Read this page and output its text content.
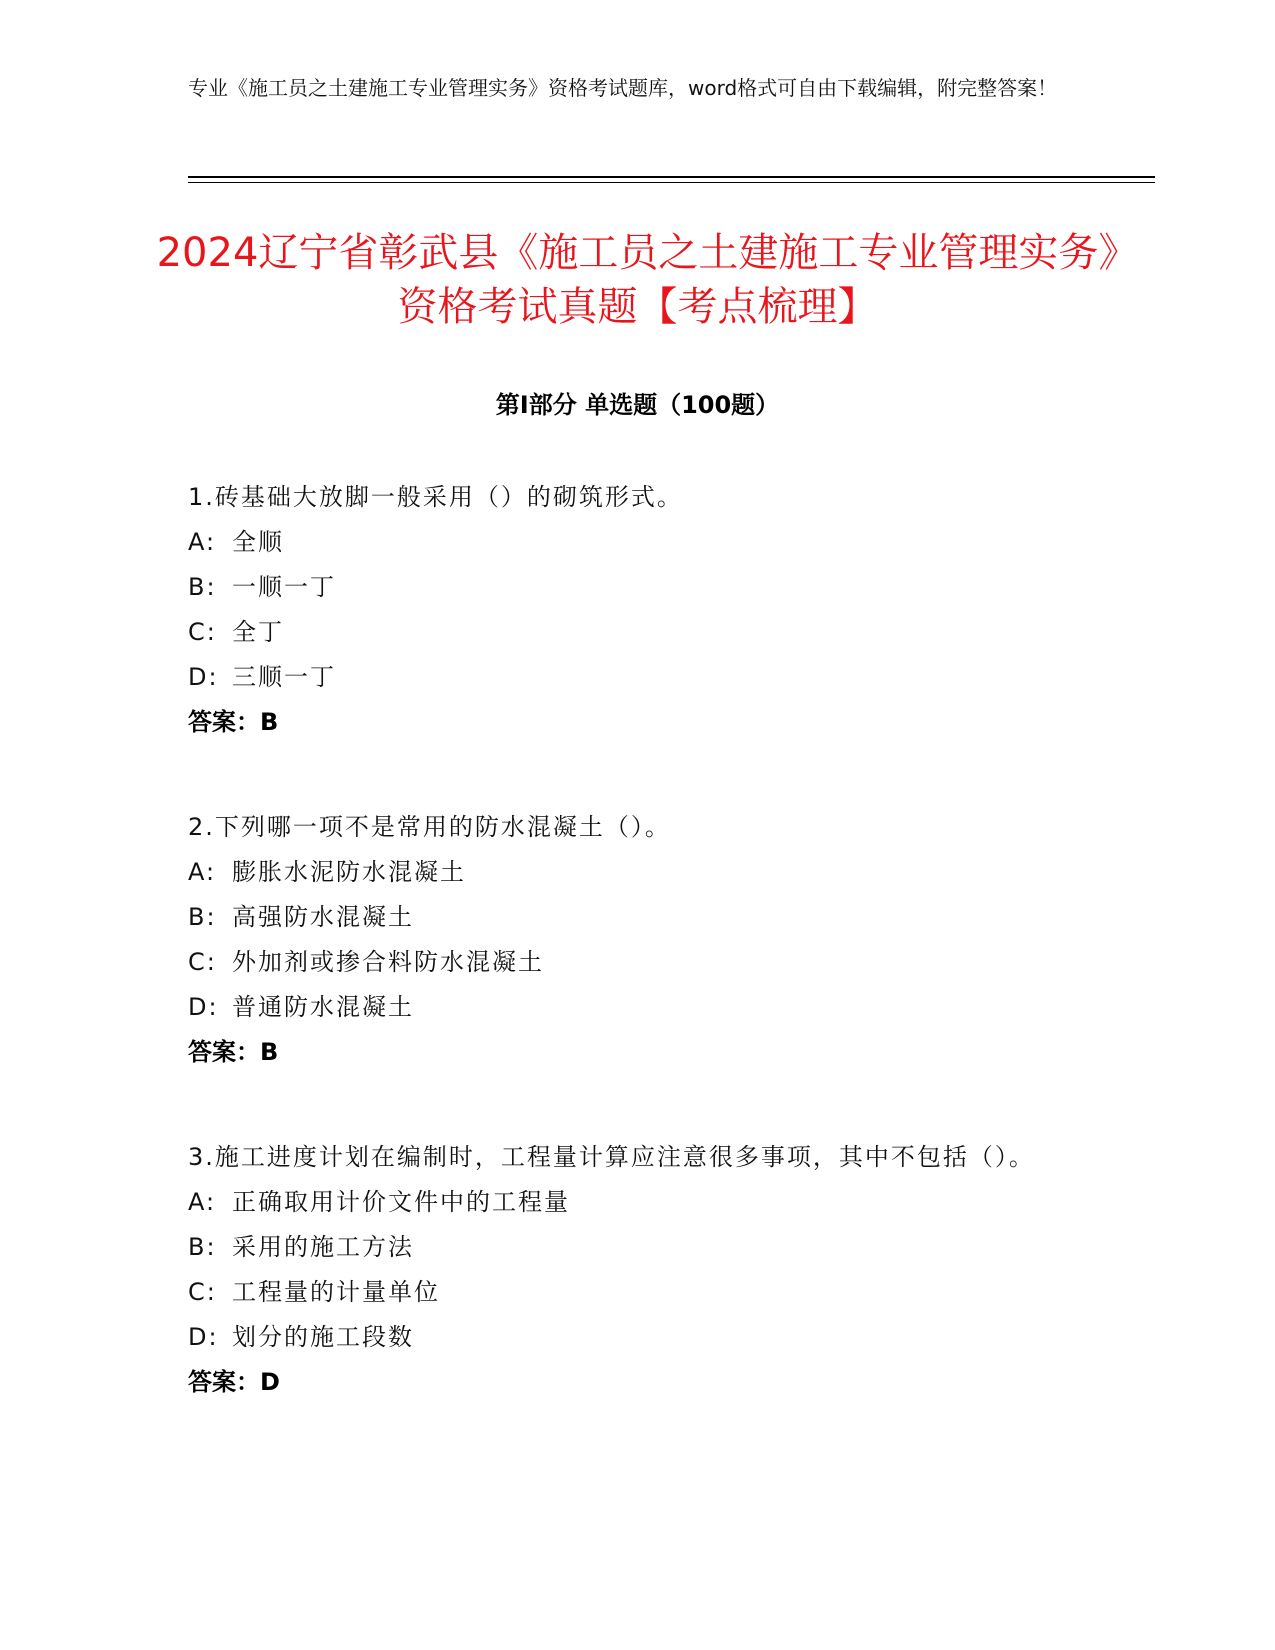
专业《施工员之土建施工专业管理实务》资格考试题库，word格式可自由下载编辑，附完整答案！
2024辽宁省彰武县《施工员之土建施工专业管理实务》资格考试真题【考点梳理】
第Ⅰ部分 单选题（100题）
1.砖基础大放脚一般采用（）的砌筑形式。
A: 全顺
B: 一顺一丁
C: 全丁
D: 三顺一丁
答案：B
2.下列哪一项不是常用的防水混凝土（）。
A: 膨胀水泥防水混凝土
B: 高强防水混凝土
C: 外加剂或掺合料防水混凝土
D: 普通防水混凝土
答案：B
3.施工进度计划在编制时，工程量计算应注意很多事项，其中不包括（）。
A: 正确取用计价文件中的工程量
B: 采用的施工方法
C: 工程量的计量单位
D: 划分的施工段数
答案：D
